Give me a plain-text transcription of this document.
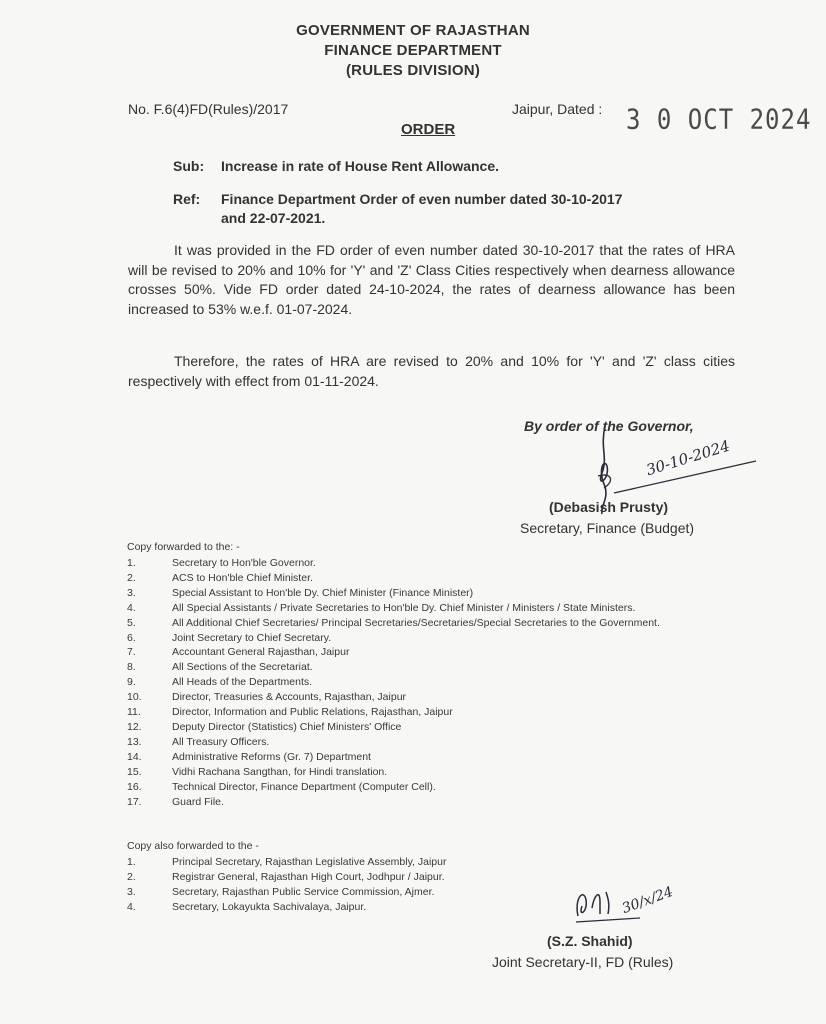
GOVERNMENT OF RAJASTHAN
FINANCE DEPARTMENT
(RULES DIVISION)
No. F.6(4)FD(Rules)/2017	Jaipur, Dated : 3 0 OCT 2024
ORDER
Sub: Increase in rate of House Rent Allowance.
Ref: Finance Department Order of even number dated 30-10-2017
and 22-07-2021.
It was provided in the FD order of even number dated 30-10-2017 that the rates of HRA will be revised to 20% and 10% for 'Y' and 'Z' Class Cities respectively when dearness allowance crosses 50%. Vide FD order dated 24-10-2024, the rates of dearness allowance has been increased to 53% w.e.f. 01-07-2024.
Therefore, the rates of HRA are revised to 20% and 10% for 'Y' and 'Z' class cities respectively with effect from 01-11-2024.
By order of the Governor,
30-10-2024
(Debasish Prusty)
Secretary, Finance (Budget)
Copy forwarded to the: -
1.	Secretary to Hon'ble Governor.
2.	ACS to Hon'ble Chief Minister.
3.	Special Assistant to Hon'ble Dy. Chief Minister (Finance Minister)
4.	All Special Assistants / Private Secretaries to Hon'ble Dy. Chief Minister / Ministers / State Ministers.
5.	All Additional Chief Secretaries/ Principal Secretaries/Secretaries/Special Secretaries to the Government.
6.	Joint Secretary to Chief Secretary.
7.	Accountant General Rajasthan, Jaipur
8.	All Sections of the Secretariat.
9.	All Heads of the Departments.
10.	Director, Treasuries & Accounts, Rajasthan, Jaipur
11.	Director, Information and Public Relations, Rajasthan, Jaipur
12.	Deputy Director (Statistics) Chief Ministers' Office
13.	All Treasury Officers.
14.	Administrative Reforms (Gr. 7) Department
15.	Vidhi Rachana Sangthan, for Hindi translation.
16.	Technical Director, Finance Department (Computer Cell).
17.	Guard File.
Copy also forwarded to the -
1.	Principal Secretary, Rajasthan Legislative Assembly, Jaipur
2.	Registrar General, Rajasthan High Court, Jodhpur / Jaipur.
3.	Secretary, Rajasthan Public Service Commission, Ajmer.
4.	Secretary, Lokayukta Sachivalaya, Jaipur.	30/x/24
(S.Z. Shahid)
Joint Secretary-II, FD (Rules)
